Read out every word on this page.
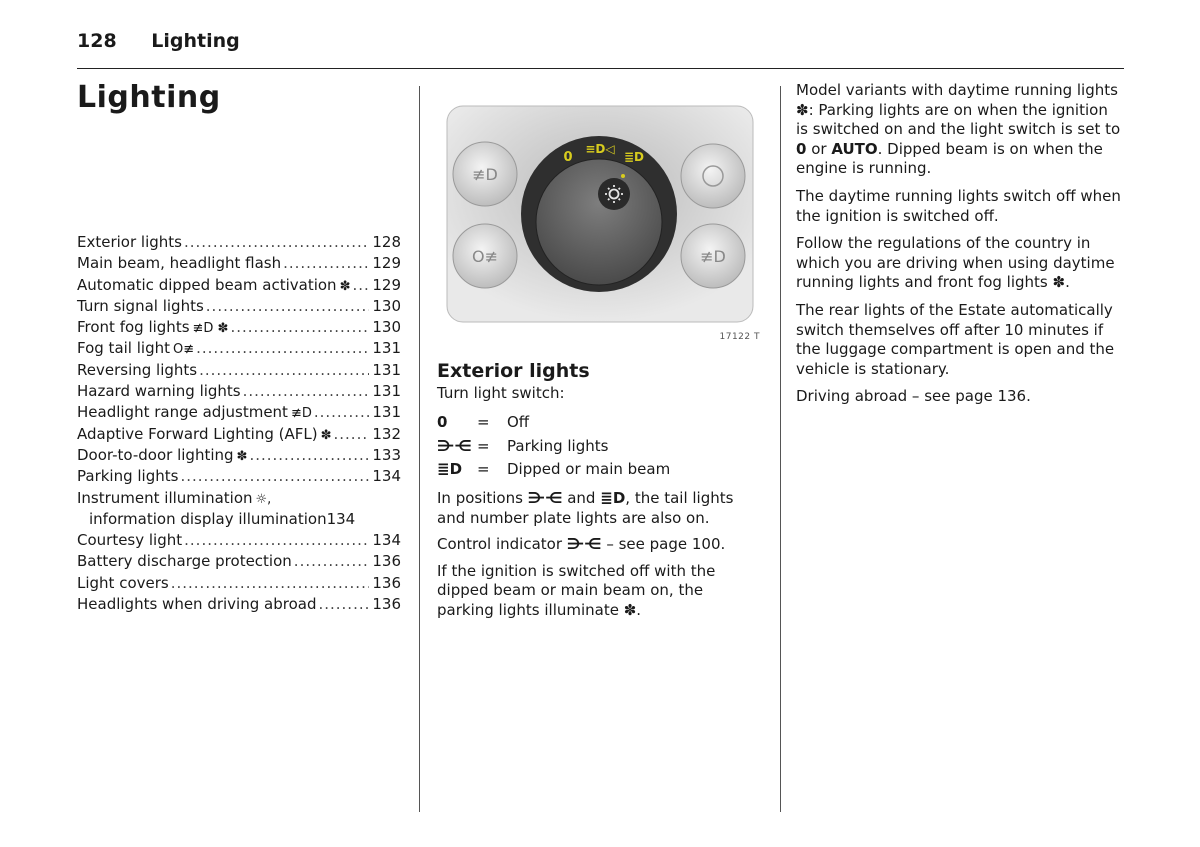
128 Lighting
Lighting
Exterior lights .....	128
Main beam, headlight flash .....	129
Automatic dipped beam activation ✽ ..... 129
Turn signal lights .....	130
Front fog lights ≢D ✽ .....	130
Fog tail light O≢ .....	131
Reversing lights .....	131
Hazard warning lights .....	131
Headlight range adjustment ≢D .....	131
Adaptive Forward Lighting (AFL) ✽ .....	132
Door-to-door lighting ✽ .....	133
Parking lights .....	134
Instrument illumination ☼,
information display illumination 134
Courtesy light .....	134
Battery discharge protection .....	136
Light covers .....	136
Headlights when driving abroad .....	136
≢D
O≢	≢D
0
≡D◁
≣D
17122 T
Exterior lights

Turn light switch:

0	=	Off
⋺⋲ =	Parking lights
≣D =	Dipped or main beam

In positions ⋺⋲ and ≣D, the tail lights and number plate lights are also on.

Control indicator ⋺⋲ – see page 100.

If the ignition is switched off with the dipped beam or main beam on, the parking lights illuminate ✽.

Model variants with daytime running lights ✽: Parking lights are on when the ignition is switched on and the light switch is set to 0 or AUTO. Dipped beam is on when the engine is running.

The daytime running lights switch off when the ignition is switched off.

Follow the regulations of the country in which you are driving when using daytime running lights and front fog lights ✽.

The rear lights of the Estate automatically switch themselves off after 10 minutes if the luggage compartment is open and the vehicle is stationary.

Driving abroad – see page 136.
